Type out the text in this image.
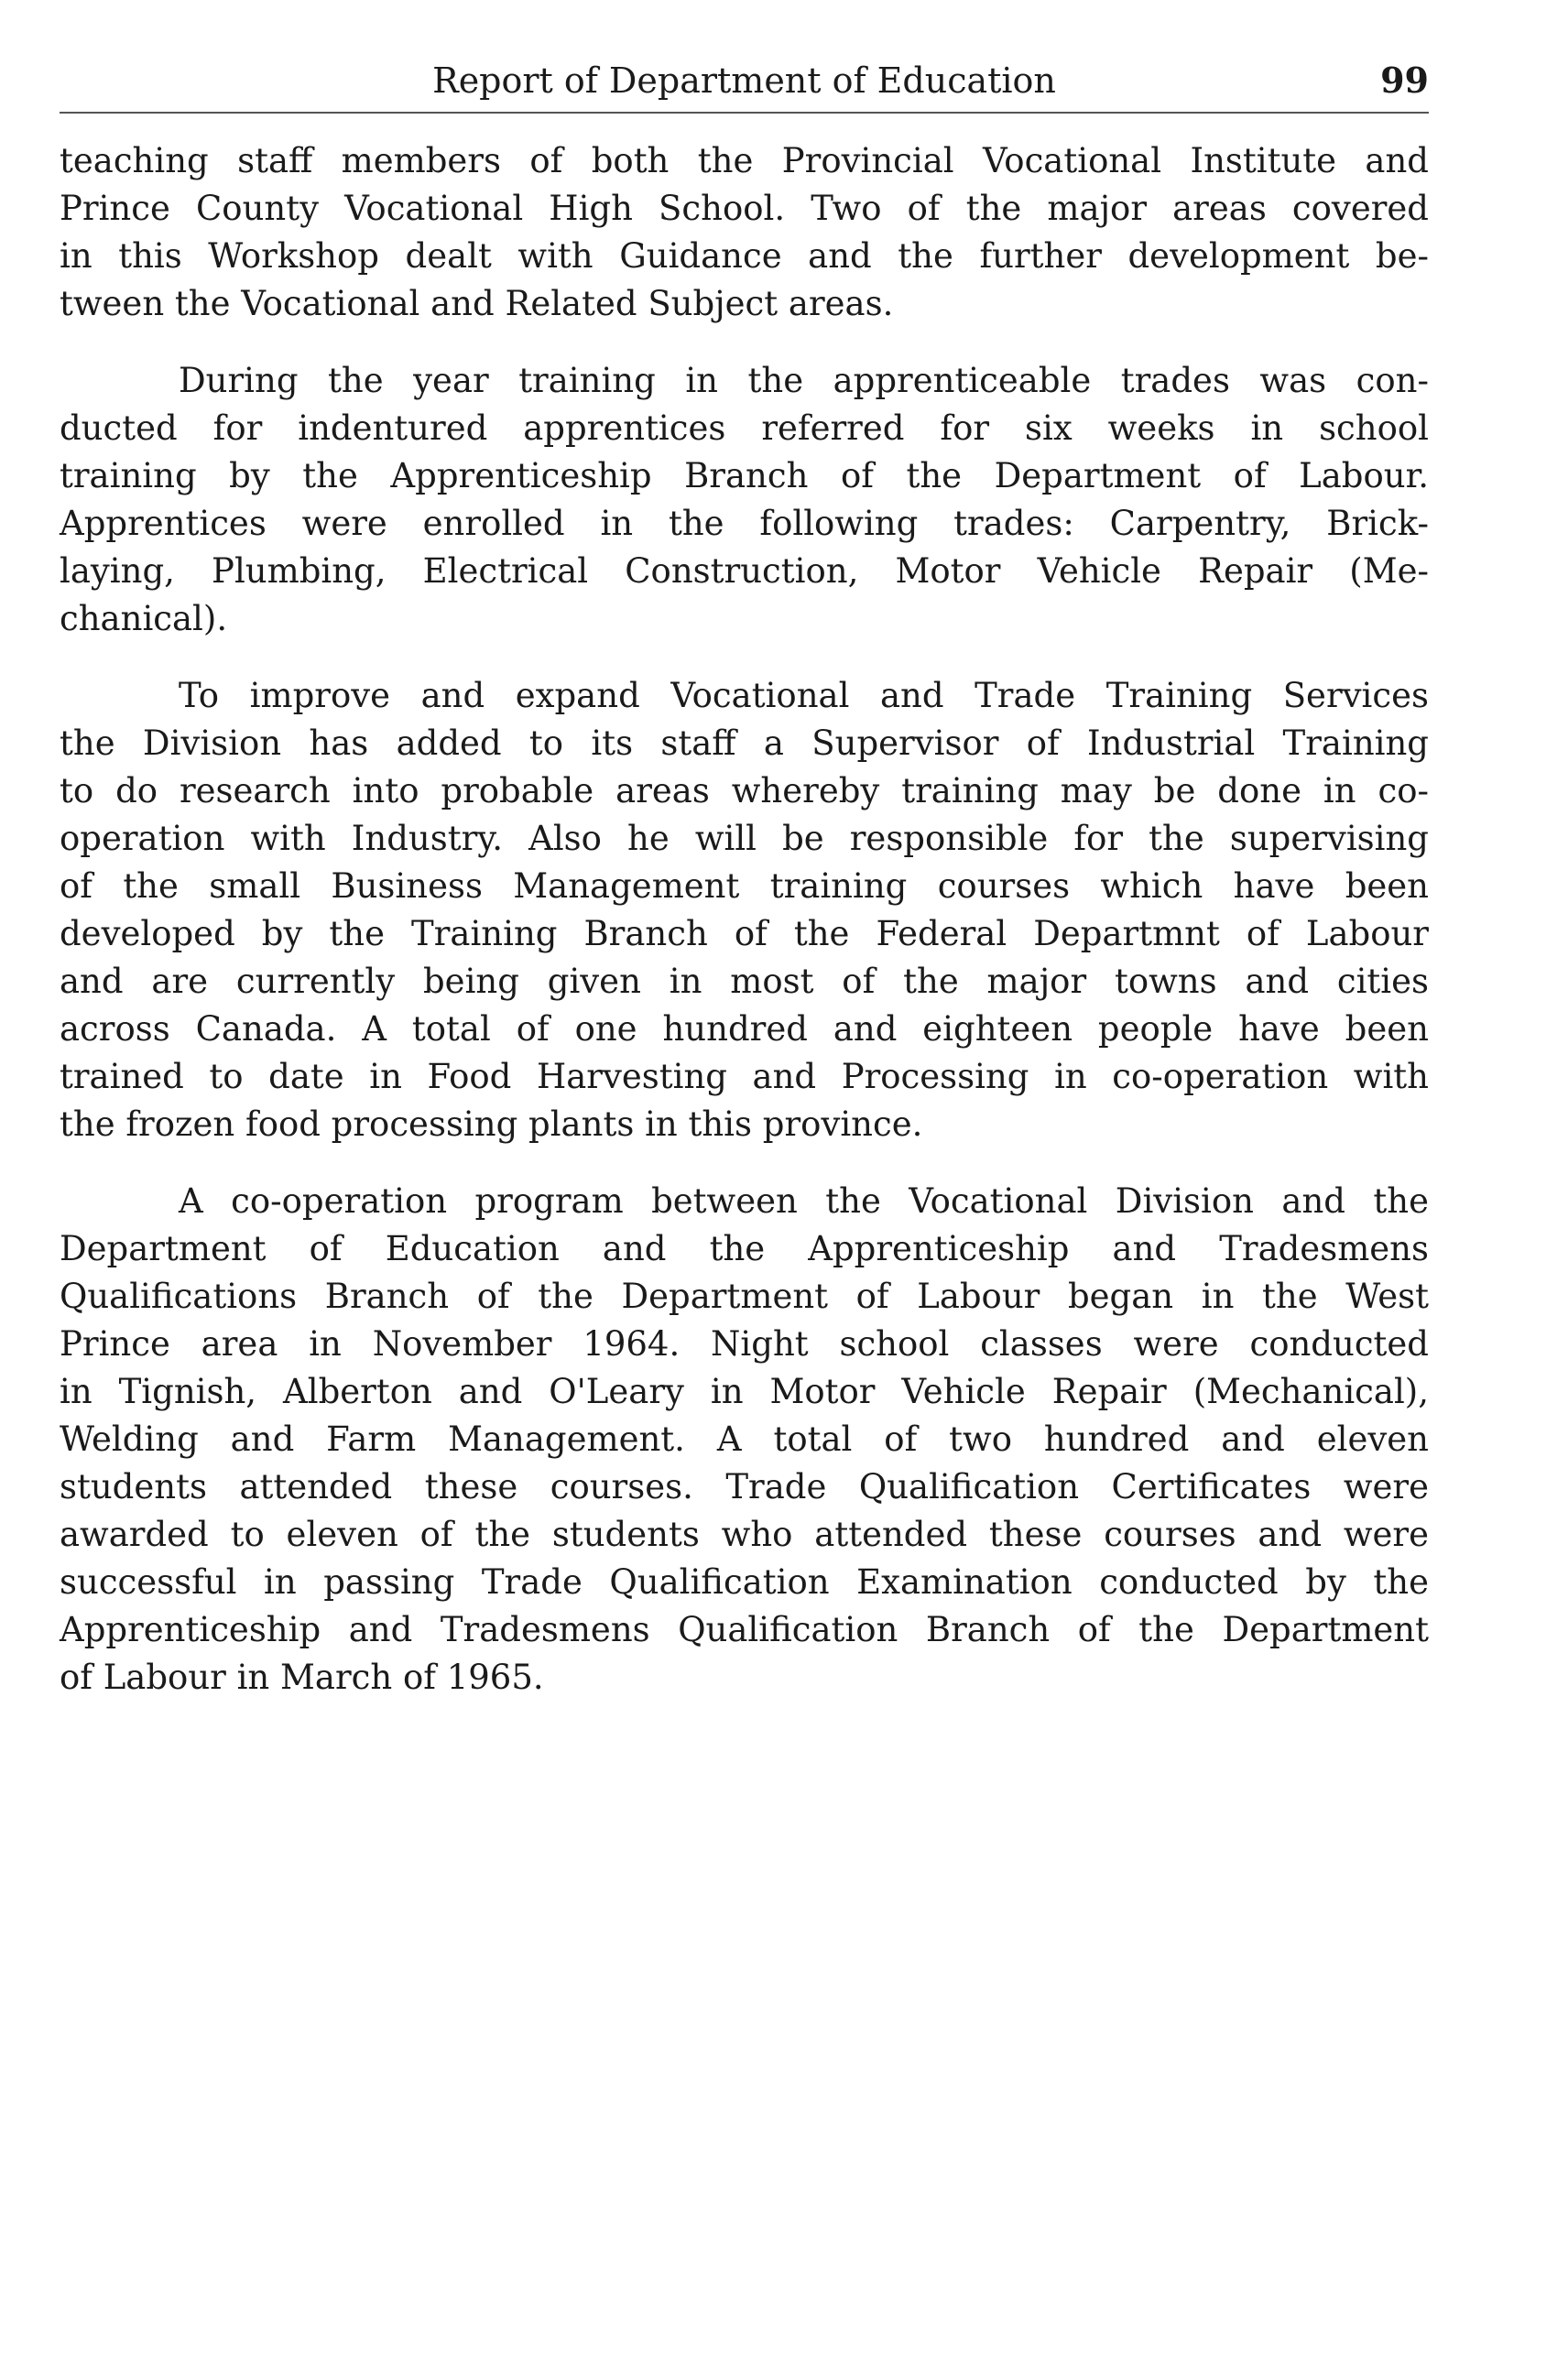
Report of Department of Education	99
teaching staff members of both the Provincial Vocational Institute and
Prince County Vocational High School. Two of the major areas covered
in this Workshop dealt with Guidance and the further development be-
tween the Vocational and Related Subject areas.
During the year training in the apprenticeable trades was con-
ducted for indentured apprentices referred for six weeks in school
training by the Apprenticeship Branch of the Department of Labour.
Apprentices were enrolled in the following trades: Carpentry, Brick-
laying, Plumbing, Electrical Construction, Motor Vehicle Repair (Me-
chanical).
To improve and expand Vocational and Trade Training Services
the Division has added to its staff a Supervisor of Industrial Training
to do research into probable areas whereby training may be done in co-
operation with Industry. Also he will be responsible for the supervising
of the small Business Management training courses which have been
developed by the Training Branch of the Federal Departmnt of Labour
and are currently being given in most of the major towns and cities
across Canada. A total of one hundred and eighteen people have been
trained to date in Food Harvesting and Processing in co-operation with
the frozen food processing plants in this province.
A co-operation program between the Vocational Division and the
Department of Education and the Apprenticeship and Tradesmens
Qualifications Branch of the Department of Labour began in the West
Prince area in November 1964. Night school classes were conducted
in Tignish, Alberton and O'Leary in Motor Vehicle Repair (Mechanical),
Welding and Farm Management. A total of two hundred and eleven
students attended these courses. Trade Qualification Certificates were
awarded to eleven of the students who attended these courses and were
successful in passing Trade Qualification Examination conducted by the
Apprenticeship and Tradesmens Qualification Branch of the Department
of Labour in March of 1965.
